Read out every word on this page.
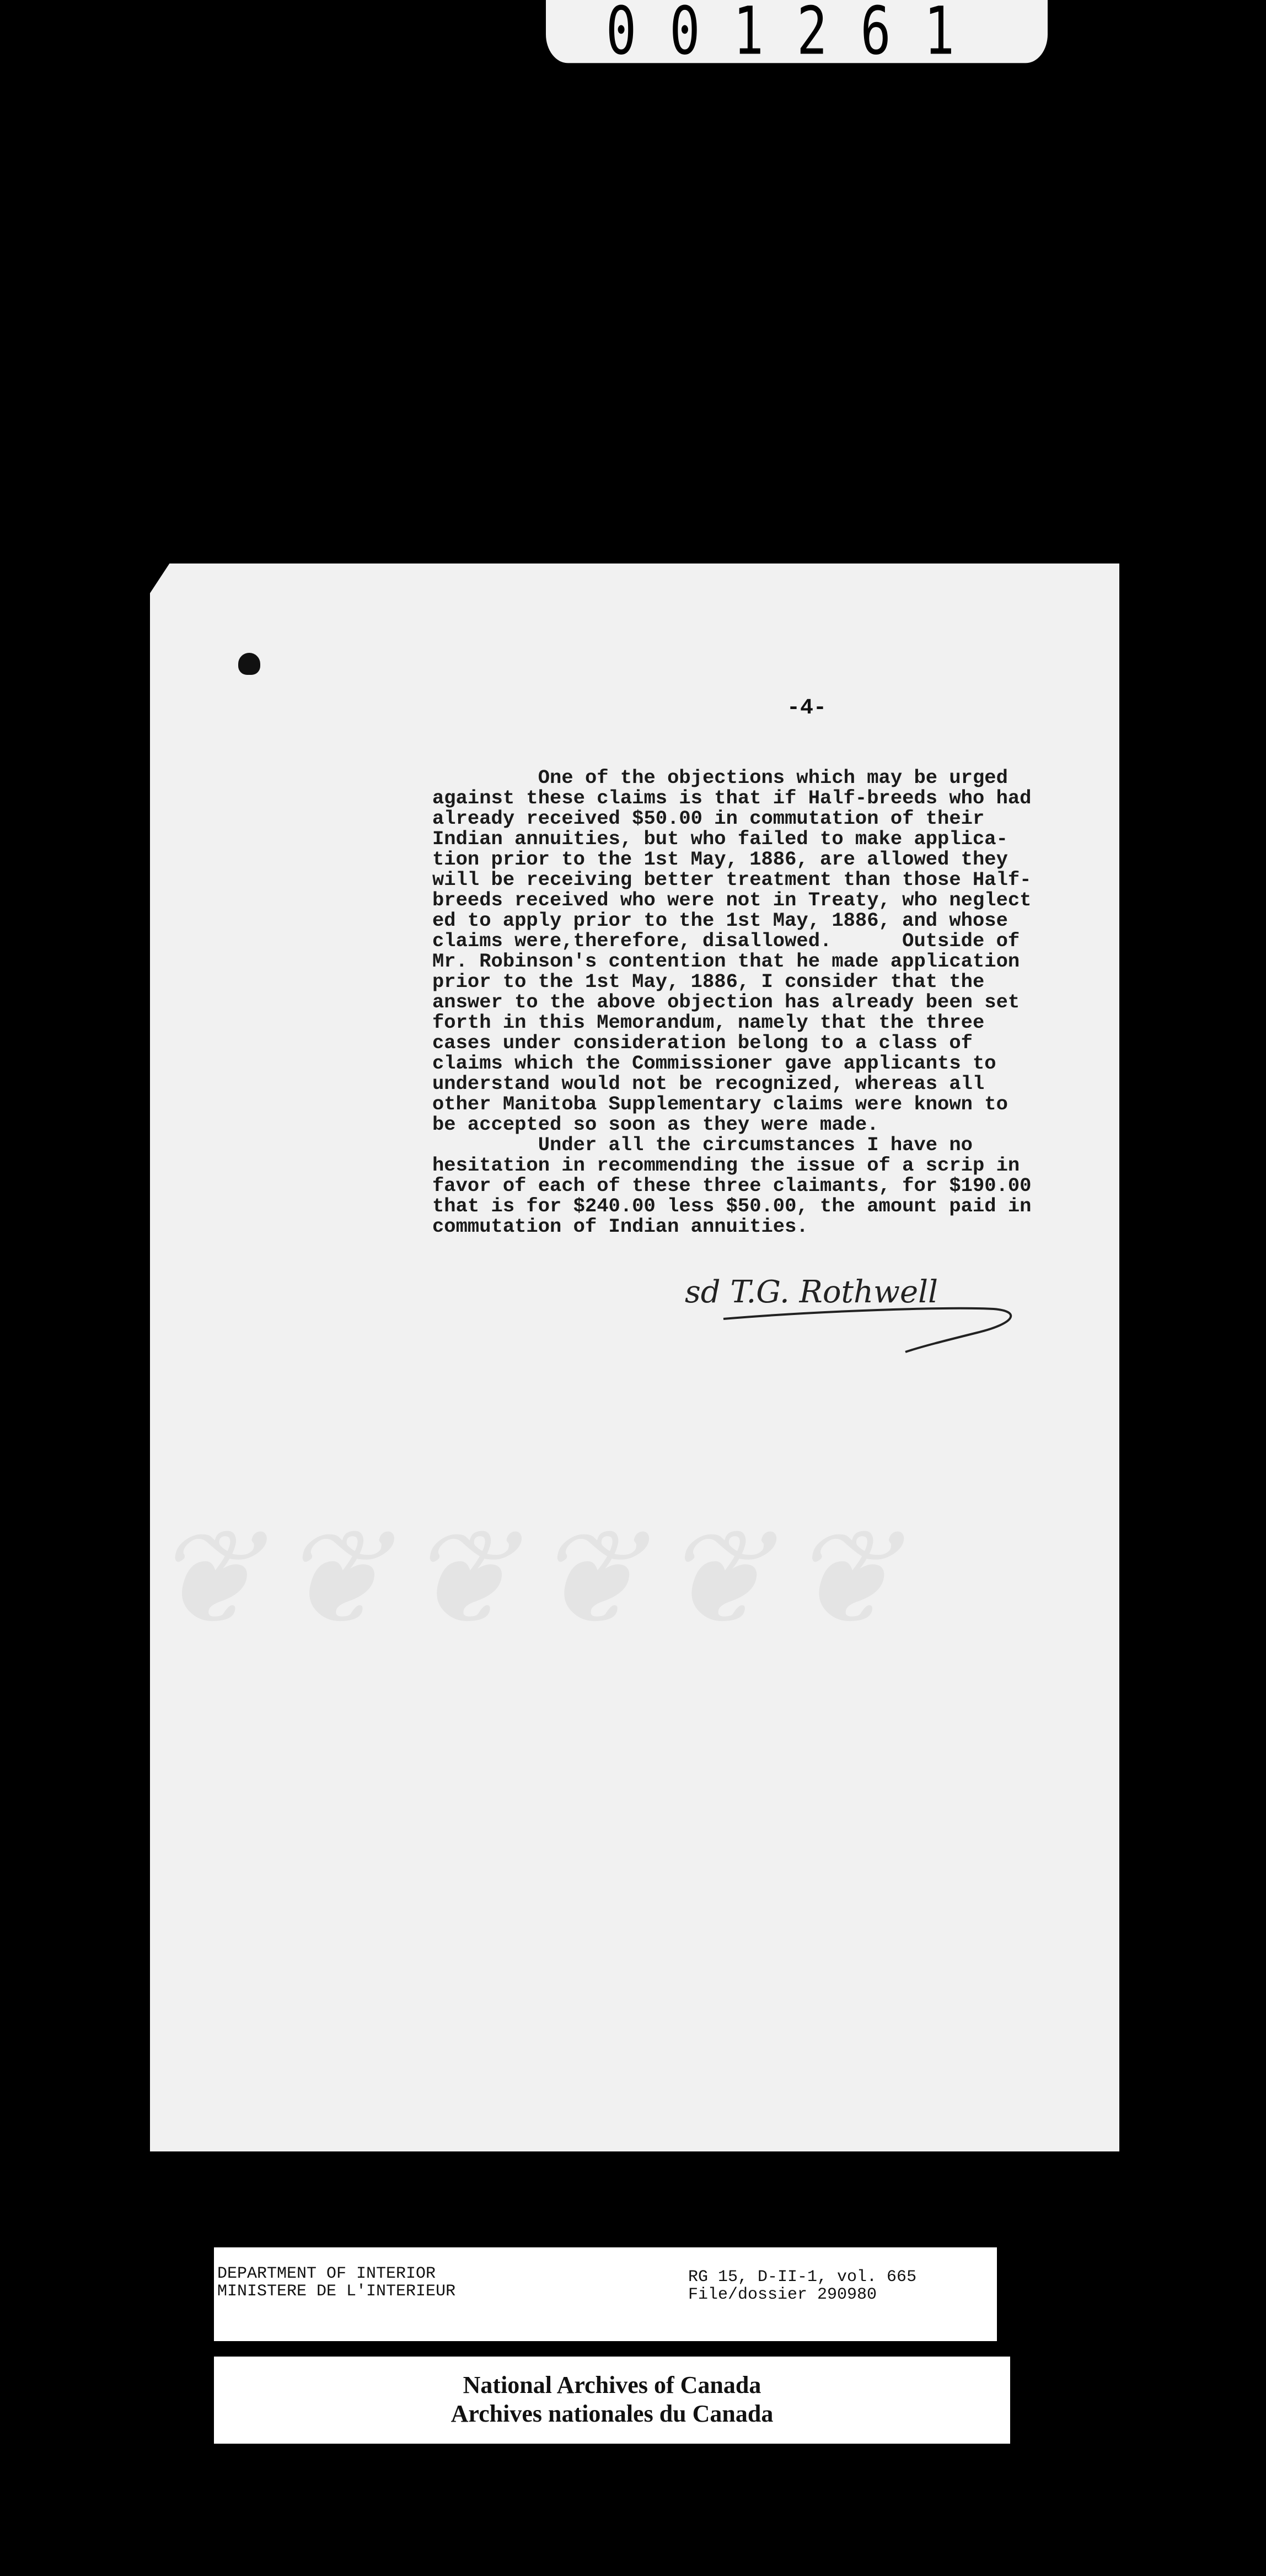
001261
❦❦❦❦❦❦
-4-
One of the objections which may be urged
against these claims is that if Half-breeds who had
already received $50.00 in commutation of their
Indian annuities, but who failed to make applica-
tion prior to the 1st May, 1886, are allowed they
will be receiving better treatment than those Half-
breeds received who were not in Treaty, who neglect
ed to apply prior to the 1st May, 1886, and whose
claims were,therefore, disallowed.      Outside of
Mr. Robinson's contention that he made application
prior to the 1st May, 1886, I consider that the
answer to the above objection has already been set
forth in this Memorandum, namely that the three
cases under consideration belong to a class of
claims which the Commissioner gave applicants to
understand would not be recognized, whereas all
other Manitoba Supplementary claims were known to
be accepted so soon as they were made.
Under all the circumstances I have no
hesitation in recommending the issue of a scrip in
favor of each of these three claimants, for $190.00
that is for $240.00 less $50.00, the amount paid in
commutation of Indian annuities.
sd T.G. Rothwell
DEPARTMENT OF INTERIOR
MINISTERE DE L'INTERIEUR
RG 15, D-II-1, vol. 665
File/dossier 290980
National Archives of Canada
Archives nationales du Canada
